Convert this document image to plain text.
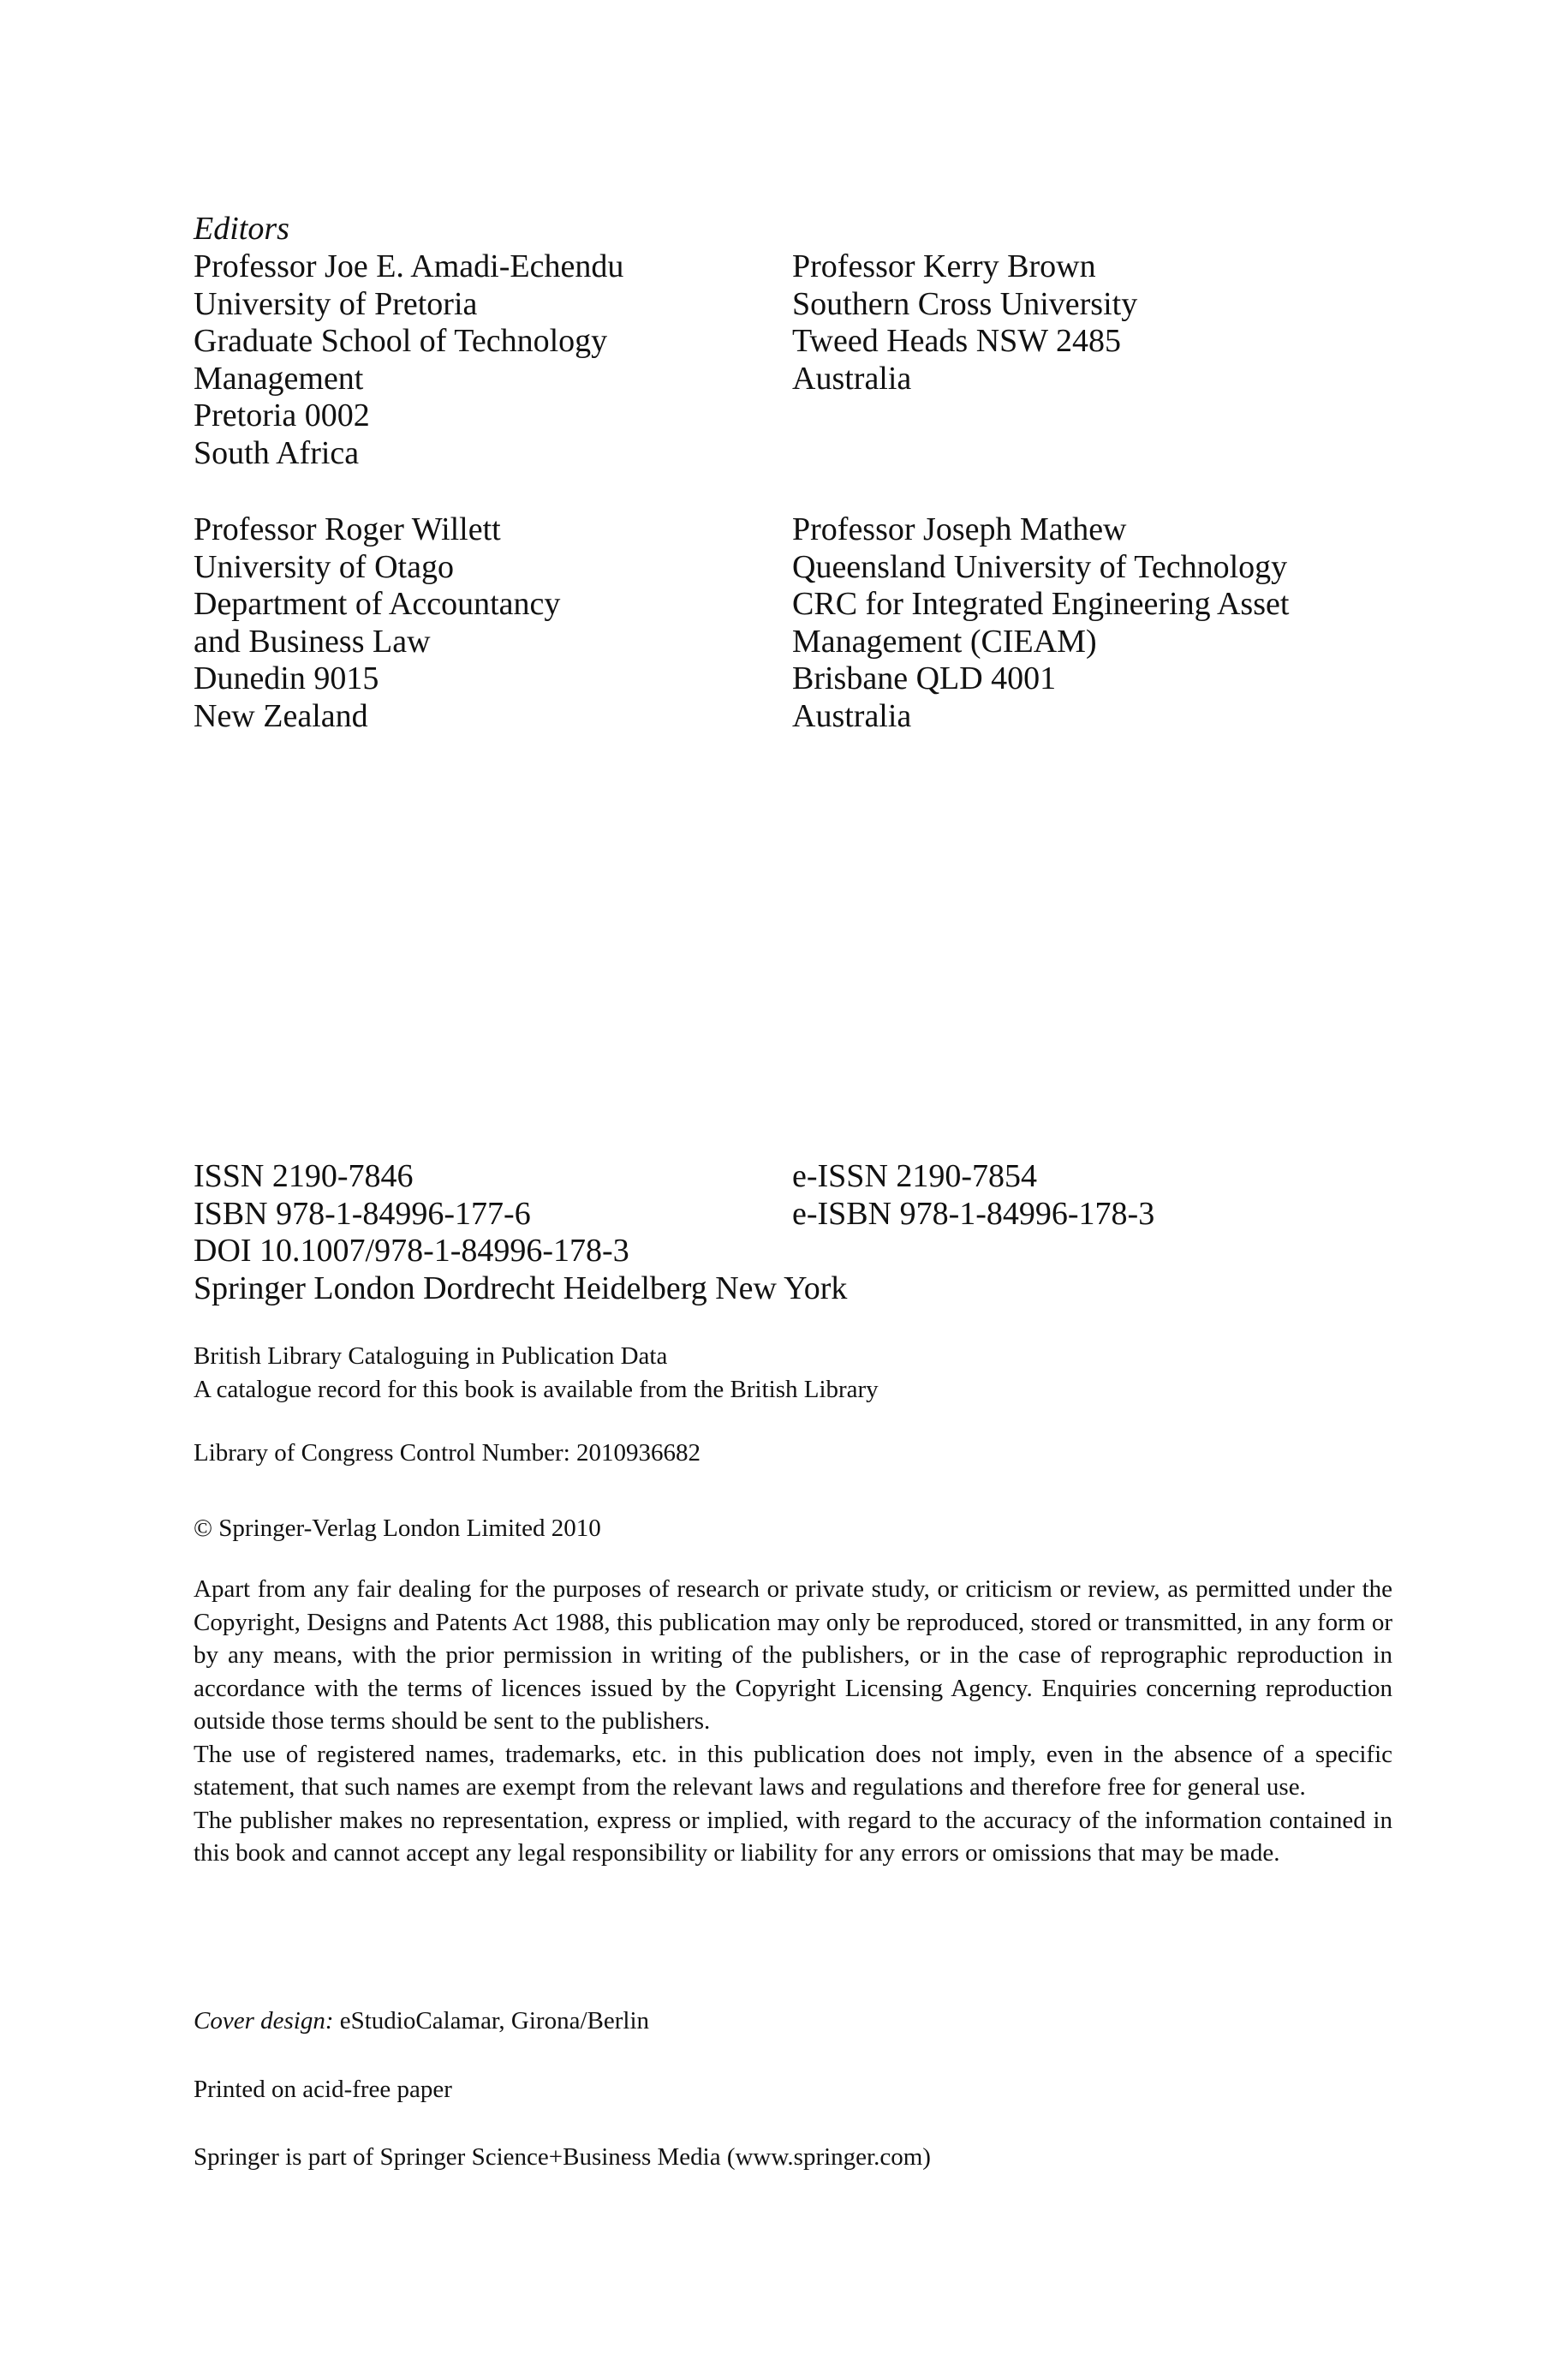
Editors
Professor Joe E. Amadi-Echendu
University of Pretoria
Graduate School of Technology
Management
Pretoria 0002
South Africa
Professor Kerry Brown
Southern Cross University
Tweed Heads NSW 2485
Australia
Professor Roger Willett
University of Otago
Department of Accountancy
and Business Law
Dunedin 9015
New Zealand
Professor Joseph Mathew
Queensland University of Technology
CRC for Integrated Engineering Asset
Management (CIEAM)
Brisbane QLD 4001
Australia
ISSN 2190-7846
ISBN 978-1-84996-177-6
DOI 10.1007/978-1-84996-178-3
Springer London Dordrecht Heidelberg New York
e-ISSN 2190-7854
e-ISBN 978-1-84996-178-3
British Library Cataloguing in Publication Data
A catalogue record for this book is available from the British Library
Library of Congress Control Number: 2010936682
© Springer-Verlag London Limited 2010
Apart from any fair dealing for the purposes of research or private study, or criticism or review, as permitted under the Copyright, Designs and Patents Act 1988, this publication may only be reproduced, stored or transmitted, in any form or by any means, with the prior permission in writing of the publishers, or in the case of reprographic reproduction in accordance with the terms of licences issued by the Copyright Licensing Agency. Enquiries concerning reproduction outside those terms should be sent to the publishers.
The use of registered names, trademarks, etc. in this publication does not imply, even in the absence of a specific statement, that such names are exempt from the relevant laws and regulations and therefore free for general use.
The publisher makes no representation, express or implied, with regard to the accuracy of the information contained in this book and cannot accept any legal responsibility or liability for any errors or omissions that may be made.
Cover design: eStudioCalamar, Girona/Berlin
Printed on acid-free paper
Springer is part of Springer Science+Business Media (www.springer.com)
